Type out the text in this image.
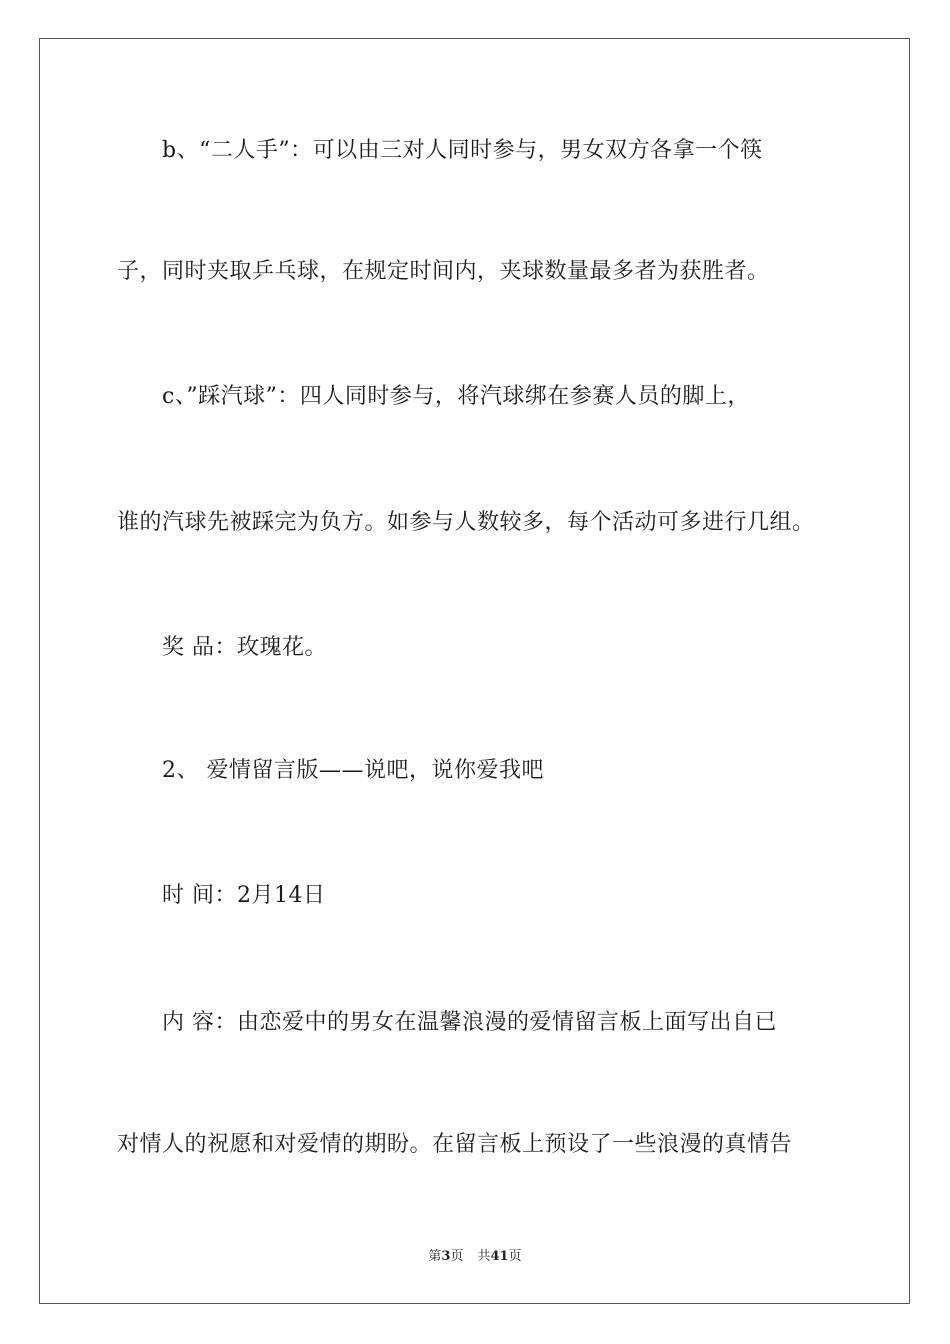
b、“二人手”：可以由三对人同时参与，男女双方各拿一个筷
子，同时夹取乒乓球，在规定时间内，夹球数量最多者为获胜者。
c、”踩汽球”：四人同时参与，将汽球绑在参赛人员的脚上，
谁的汽球先被踩完为负方。如参与人数较多，每个活动可多进行几组。
奖 品：玫瑰花。
2、 爱情留言版——说吧，说你爱我吧
时 间：2月14日
内 容：由恋爱中的男女在温馨浪漫的爱情留言板上面写出自已
对情人的祝愿和对爱情的期盼。在留言板上预设了一些浪漫的真情告
第3页 共41页
